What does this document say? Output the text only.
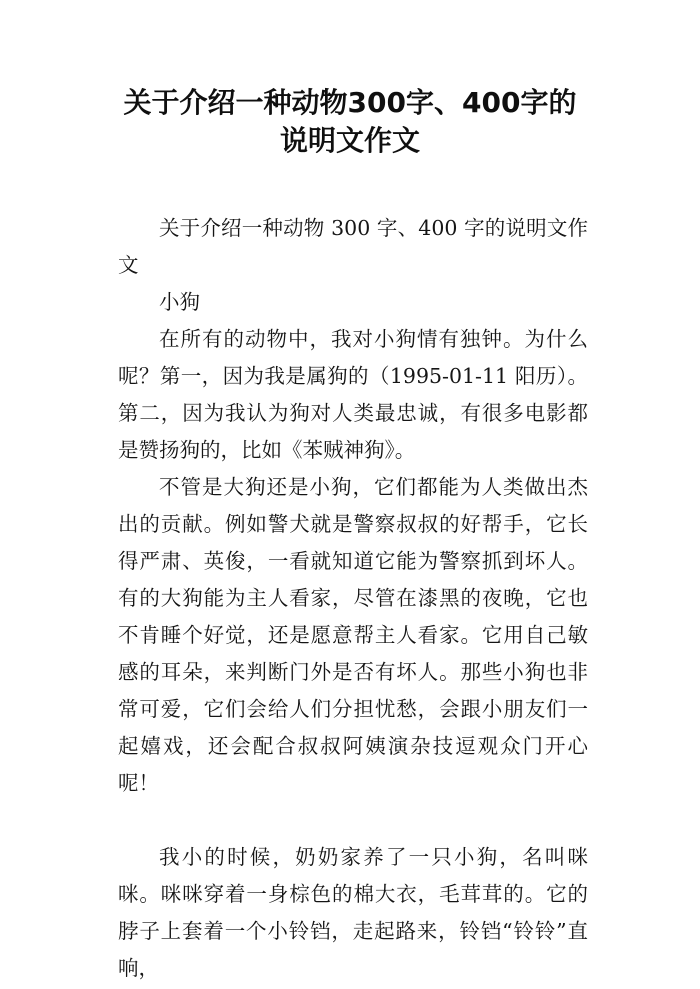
关于介绍一种动物300字、400字的
说明文作文

关于介绍一种动物 300 字、400 字的说明文作文

小狗

在所有的动物中，我对小狗情有独钟。为什么呢？第一，因为我是属狗的（1995-01-11 阳历）。第二，因为我认为狗对人类最忠诚，有很多电影都是赞扬狗的，比如《苯贼神狗》。

不管是大狗还是小狗，它们都能为人类做出杰出的贡献。例如警犬就是警察叔叔的好帮手，它长得严肃、英俊，一看就知道它能为警察抓到坏人。有的大狗能为主人看家，尽管在漆黑的夜晚，它也不肯睡个好觉，还是愿意帮主人看家。它用自己敏感的耳朵，来判断门外是否有坏人。那些小狗也非常可爱，它们会给人们分担忧愁，会跟小朋友们一起嬉戏，还会配合叔叔阿姨演杂技逗观众门开心呢！

我小的时候，奶奶家养了一只小狗，名叫咪咪。咪咪穿着一身棕色的棉大衣，毛茸茸的。它的脖子上套着一个小铃铛，走起路来，铃铛“铃铃”直响，
